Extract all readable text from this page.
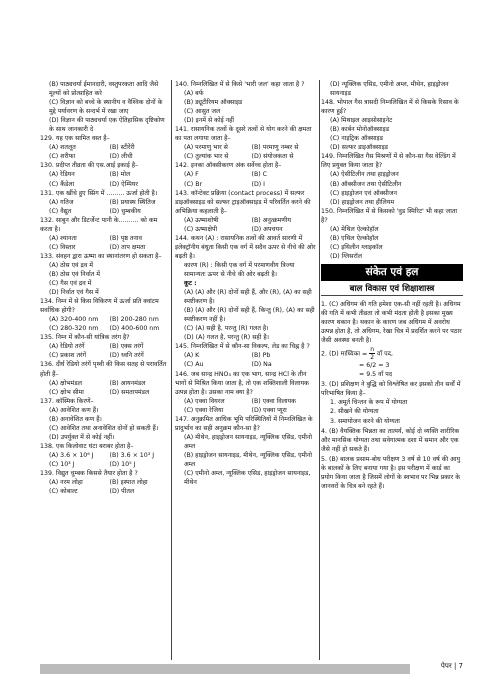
(B) पाठ्यचर्या ईमानदारी, वस्तुपरकता आदि जैसे मूल्यों को प्रोत्साहित करे
(C) विज्ञान को बच्चे के स्थानीय व वैश्विक दोनों के मुद्दे पर्यावरण के सन्दर्भ में रखा जाए
(D) विज्ञान की पाठ्यचर्या एक ऐतिहासिक दृष्टिकोण के साथ जानकारी दे
129. यह एक सामित वस्त है–
(A) शतलूत	(B) स्टीरेंरी
(C) शरीफा	(D) लीची
130. प्रदीप्त तीव्रता की एस.आई इकाई है–
(A) रेडियन	(B) मोल
(C) कैंडेला	(D) ऐम्पियर
131. एक खींचे हुए स्प्रिंग में ......... ऊर्जा होती है।
(A) गतिज	(B) प्रयास्थ स्थितिज
(C) वैद्युत	(D) चुम्बकीय
132. साबुन और डिटर्जेन्ट पानी के.......... को कम करता है।
(A) श्यानता	(B) पृष्ठ तनाव
(C) विस्तार	(D) ताप क्षमता
133. संवहन द्वारा ऊष्मा का स्थानांतरण हो सकता है–
(A) ठोस एवं द्रव में
(B) ठोस एवं निर्वात में
(C) गैस एवं द्रव में
(D) निर्वात एवं गैस में
134. निम्न में से किस विकिरण में ऊर्जा प्रति क्वांटम सर्वाधिक होगी?
(A) 320-400 nm	(B) 200-280 nm
(C) 280-320 nm	(D) 400-600 nm
135. निम्न में कौन-सी यांत्रिक तरंग है?
(A) रेडियो तरंगें	(B) एक्स तरंगें
(C) प्रकाश तरंगें	(D) ध्वनि तरंगें
136. दीर्घ रेडियो तरंगें पृथ्वी की किस सतह से परावर्तित होती हैं–
(A) क्षोभमंडल	(B) आयनमंडल
(C) क्षोभ सीमा	(D) समतापमंडल
137. कॉस्मिक किरणें–
(A) आवेशित कण हैं।
(B) अनावेशित कण हैं।
(C) आवेशित तथा अनावेशित दोनों हो सकती हैं।
(D) उपर्युक्त में से कोई नहीं।
138. एक किलोवाट घंटा बराबर होता है–
(A) 3.6 × 10⁶ J	(B) 3.6 × 10³ J
(C) 10³ J	(D) 10⁵ J
139. विद्युत चुम्बक किससे तैयार होता है ?
(A) नरम लोहा	(B) इस्पात लोहा
(C) कोबाल्ट	(D) पीतल
140. निम्नलिखित में से किसे 'भारी जल' कहा जाता है ?
(A) बर्फ
(B) ड्यूटीरियम ऑक्साइड
(C) आसुत जल
(D) इनमें से कोई नहीं
141. रासायनिक तत्वों के दूसरे तत्वों से योग करने की क्षमता का पता लगाया जाता है–
(A) परमाणु भार से	(B) परमाणु नम्बर से
(C) तुल्यांक भार से	(D) संयोजकता से
142. इनका ऑक्सीकरण अंक सर्वेच्च होता है–
(A) F	(B) C
(C) Br	(D) I
143. कॉन्टेक्ट प्रक्रिया (contact process) में सल्फर डाइऑक्साइड को सल्फर ट्राइऑक्साइड में परिवर्तित करने की अभिक्रिया कहलाती है–
(A) ऊष्माशोषी	(B) अनुत्क्रमणीय
(C) ऊष्माक्षेपी	(D) अपचयन
144. कथन (A) : रासायनिक तत्वों की आवर्त सारणी में इलेक्ट्रॉनीय बंधुता किसी एक वर्ग में सदैव ऊपर से नीचे की ओर बढ़ती है।
कारण (R) : किसी एक वर्ग में परमाणवीय त्रिज्या सामान्यतः ऊपर से नीचे की ओर बढ़ती है।
कूट :
(A) (A) और (R) दोनों सही हैं, और (R), (A) का सही स्पष्टीकरण है।
(B) (A) और (R) दोनों सही हैं, किन्तु (R), (A) का सही स्पष्टीकरण नहीं है।
(C) (A) सही है, परन्तु (R) गलत है।
(D) (A) गलत है, परन्तु (R) सही है।
145. निम्नलिखित में से कौन-सा विकल्प, लेड का चिह्न है ?
(A) K	(B) Pb
(C) Au	(D) Na
146. जब सान्द्र HNO₃ का एक भाग, सान्द्र HCl के तीन भागों से मिश्रित किया जाता है, तो एक शक्तिशाली विलायक उत्पन्न होता है। उसका नाम क्या है?
(A) एक्वा वियरल	(B) एक्वा विलायक
(C) एक्वा रेजिया	(D) एक्वा प्यूरा
147. अनुक्रमित आधिक भूमि परिस्थितियों में निम्नलिखित के प्रादुर्भाव का सही अनुक्रम कौन-सा है?
(A) मीथेन, हाइड्रोजन सायनाइड, न्यूक्लिक एसिड, एमीनो अम्ल
(B) हाइड्रोजन सायनाइड, मीथेन, न्यूक्लिक एसिड, एमीनो अम्ल
(C) एमीनो अम्ल, न्यूक्लिक एसिड, हाइड्रोजन सायनाइड, मीथेन
(D) न्यूक्लिक एसिड, एमीनो अम्ल, मीथेन, हाइड्रोजन सायनाइड
148. भोपाल गैस त्रासदी निम्नलिखित में से किसके रिसाव के कारण हुई?
(A) मिथाइल आइसोसाइनेट
(B) कार्बन मोनोऑक्साइड
(C) नाइट्रिक ऑक्साइड
(D) सल्फर डाइऑक्साइड
149. निम्नलिखित गैस मिश्रणों में से कौन-सा गैस वेल्डिंग में लिए प्रयुक्त किया जाता है?
(A) ऐसीटिलीन तथा हाइड्रोजन
(B) ऑक्सीजन तथा ऐसीटिलीन
(C) हाइड्रोजन एवं ऑक्सीजन
(D) हाइड्रोजन तथा हीलियम
150. निम्नलिखित में से किसको 'वुड स्पिरिट' भी कहा जाता है?
(A) मेथिल ऐल्कोहॉल
(B) एथिल ऐल्कोहॉल
(C) इथिलीन ग्लाइकॉल
(D) ग्लिसरॉल
संकेत एवं हल
बाल विकास एवं शिक्षाशास्त्र
1. (C) अधिगम की गति हमेशा एक-सी नहीं रहती है। अधिगम की गति में कभी तीव्रता तो कभी मंदता होती है इसका मुख्य कारण थकान है। थकान के कारण जब अधिगम में अवरोध उत्पन्न होता है, तो अधिगम, रेखा चित्र में प्रदर्शित करने पर पठार जैसी अवस्था बनती है।
2. (D) माध्यिका = $\frac{n}{2}$ वाँ पद,
= 6/2 = 3
= 9.5 वाँ पद
3. (D) प्रशिक्षण ने बुद्धि को विश्लेषित कर इसको तीन सर्वों में परिभाषित किया है–
1. अमूर्त चिन्तन के रूप में योग्यता
2. सीखने की योग्यता
3. समायोजन करने की योग्यता
4. (B) वैयक्तिक भिन्नता का तात्पर्य, कोई दो व्यक्ति शारीरिक और मानसिक योग्यता तथा सवेगात्मक दशा में समान और एक जैसे नहीं हो सकते हैं।
5. (B) बालक प्रसाम-बोध परीक्षण 3 वर्ष से 10 वर्ष की आयु के बालकों के लिए बनाया गया है। इस परीक्षण में कार्ड का प्रयोग किया जाता है जिसमें लोगों के स्वभाव पर भिन्न प्रकार के जानवरों के चित्र बने रहते हैं।
पेपर | 7
